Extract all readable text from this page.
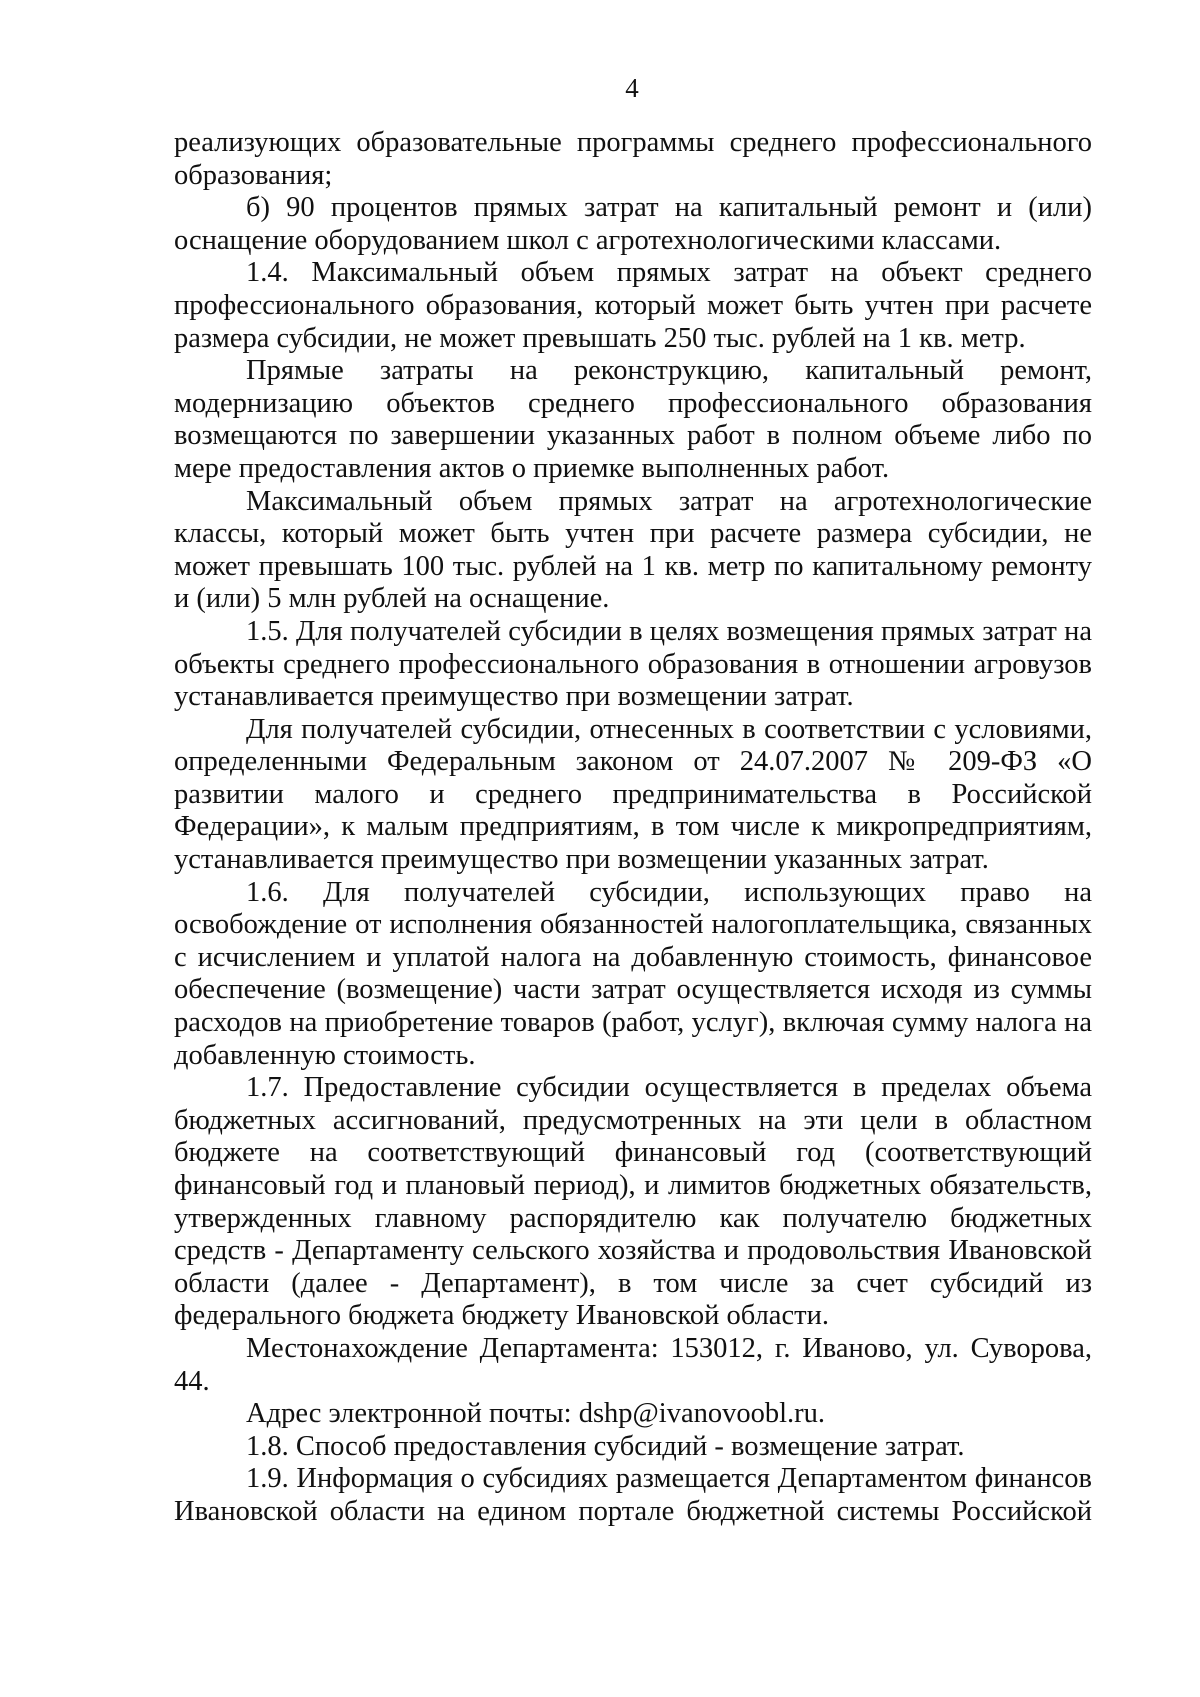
4

реализующих образовательные программы среднего профессионального образования;

б) 90 процентов прямых затрат на капитальный ремонт и (или) оснащение оборудованием школ с агротехнологическими классами.

1.4. Максимальный объем прямых затрат на объект среднего профессионального образования, который может быть учтен при расчете размера субсидии, не может превышать 250 тыс. рублей на 1 кв. метр.

Прямые затраты на реконструкцию, капитальный ремонт, модернизацию объектов среднего профессионального образования возмещаются по завершении указанных работ в полном объеме либо по мере предоставления актов о приемке выполненных работ.

Максимальный объем прямых затрат на агротехнологические классы, который может быть учтен при расчете размера субсидии, не может превышать 100 тыс. рублей на 1 кв. метр по капитальному ремонту и (или) 5 млн рублей на оснащение.

1.5. Для получателей субсидии в целях возмещения прямых затрат на объекты среднего профессионального образования в отношении агровузов устанавливается преимущество при возмещении затрат.

Для получателей субсидии, отнесенных в соответствии с условиями, определенными Федеральным законом от 24.07.2007 № 209-ФЗ «О развитии малого и среднего предпринимательства в Российской Федерации», к малым предприятиям, в том числе к микропредприятиям, устанавливается преимущество при возмещении указанных затрат.

1.6. Для получателей субсидии, использующих право на освобождение от исполнения обязанностей налогоплательщика, связанных с исчислением и уплатой налога на добавленную стоимость, финансовое обеспечение (возмещение) части затрат осуществляется исходя из суммы расходов на приобретение товаров (работ, услуг), включая сумму налога на добавленную стоимость.

1.7. Предоставление субсидии осуществляется в пределах объема бюджетных ассигнований, предусмотренных на эти цели в областном бюджете на соответствующий финансовый год (соответствующий финансовый год и плановый период), и лимитов бюджетных обязательств, утвержденных главному распорядителю как получателю бюджетных средств - Департаменту сельского хозяйства и продовольствия Ивановской области (далее - Департамент), в том числе за счет субсидий из федерального бюджета бюджету Ивановской области.

Местонахождение Департамента: 153012, г. Иваново, ул. Суворова, 44.

Адрес электронной почты: dshp@ivanovoobl.ru.

1.8. Способ предоставления субсидий - возмещение затрат.

1.9. Информация о субсидиях размещается Департаментом финансов Ивановской области на едином портале бюджетной системы Российской
